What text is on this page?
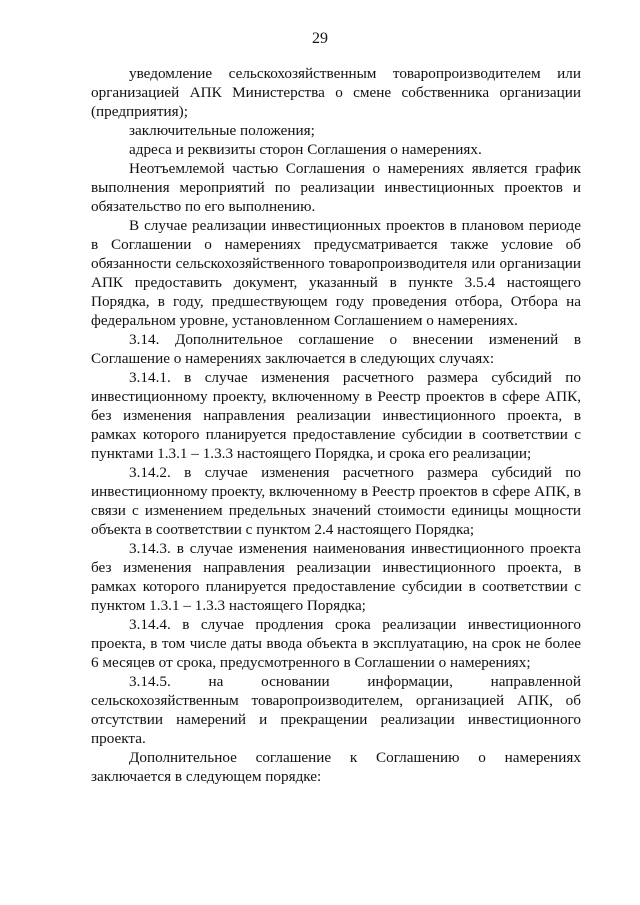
29

уведомление сельскохозяйственным товаропроизводителем или организацией АПК Министерства о смене собственника организации (предприятия);

заключительные положения;

адреса и реквизиты сторон Соглашения о намерениях.

Неотъемлемой частью Соглашения о намерениях является график выполнения мероприятий по реализации инвестиционных проектов и обязательство по его выполнению.

В случае реализации инвестиционных проектов в плановом периоде в Соглашении о намерениях предусматривается также условие об обязанности сельскохозяйственного товаропроизводителя или организации АПК предоставить документ, указанный в пункте 3.5.4 настоящего Порядка, в году, предшествующем году проведения отбора, Отбора на федеральном уровне, установленном Соглашением о намерениях.

3.14. Дополнительное соглашение о внесении изменений в Соглашение о намерениях заключается в следующих случаях:

3.14.1. в случае изменения расчетного размера субсидий по инвестиционному проекту, включенному в Реестр проектов в сфере АПК, без изменения направления реализации инвестиционного проекта, в рамках которого планируется предоставление субсидии в соответствии с пунктами 1.3.1 – 1.3.3 настоящего Порядка, и срока его реализации;

3.14.2. в случае изменения расчетного размера субсидий по инвестиционному проекту, включенному в Реестр проектов в сфере АПК, в связи с изменением предельных значений стоимости единицы мощности объекта в соответствии с пунктом 2.4 настоящего Порядка;

3.14.3. в случае изменения наименования инвестиционного проекта без изменения направления реализации инвестиционного проекта, в рамках которого планируется предоставление субсидии в соответствии с пунктом 1.3.1 – 1.3.3 настоящего Порядка;

3.14.4. в случае продления срока реализации инвестиционного проекта, в том числе даты ввода объекта в эксплуатацию, на срок не более 6 месяцев от срока, предусмотренного в Соглашении о намерениях;

3.14.5. на основании информации, направленной сельскохозяйственным товаропроизводителем, организацией АПК, об отсутствии намерений и прекращении реализации инвестиционного проекта.

Дополнительное соглашение к Соглашению о намерениях заключается в следующем порядке:
